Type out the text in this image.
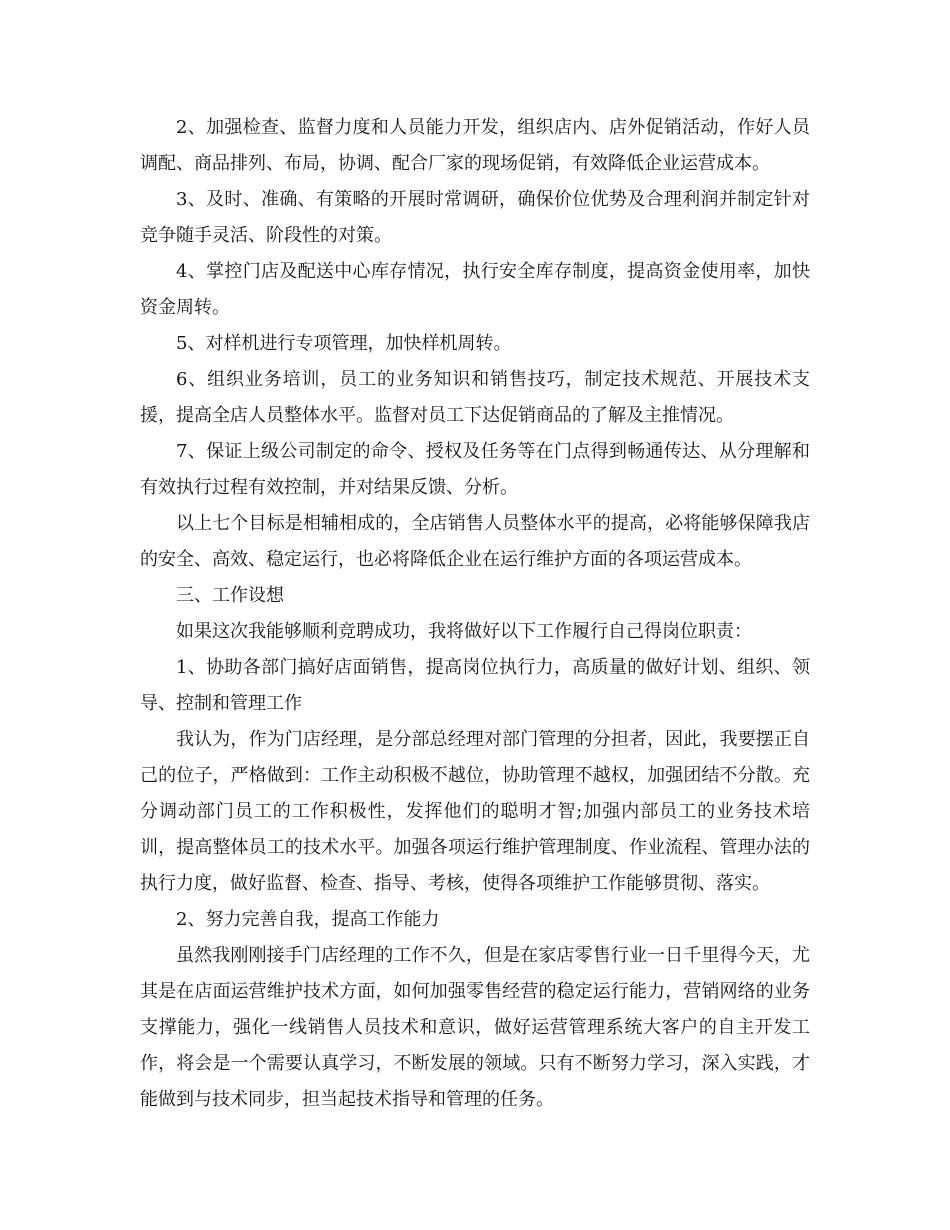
2、加强检查、监督力度和人员能力开发，组织店内、店外促销活动，作好人员调配、商品排列、布局，协调、配合厂家的现场促销，有效降低企业运营成本。

3、及时、准确、有策略的开展时常调研，确保价位优势及合理利润并制定针对竞争随手灵活、阶段性的对策。

4、掌控门店及配送中心库存情况，执行安全库存制度，提高资金使用率，加快资金周转。

5、对样机进行专项管理，加快样机周转。

6、组织业务培训，员工的业务知识和销售技巧，制定技术规范、开展技术支援，提高全店人员整体水平。监督对员工下达促销商品的了解及主推情况。

7、保证上级公司制定的命令、授权及任务等在门点得到畅通传达、从分理解和有效执行过程有效控制，并对结果反馈、分析。

以上七个目标是相辅相成的，全店销售人员整体水平的提高，必将能够保障我店的安全、高效、稳定运行，也必将降低企业在运行维护方面的各项运营成本。

三、工作设想

如果这次我能够顺利竞聘成功，我将做好以下工作履行自己得岗位职责：

1、协助各部门搞好店面销售，提高岗位执行力，高质量的做好计划、组织、领导、控制和管理工作

我认为，作为门店经理，是分部总经理对部门管理的分担者，因此，我要摆正自己的位子，严格做到：工作主动积极不越位，协助管理不越权，加强团结不分散。充分调动部门员工的工作积极性，发挥他们的聪明才智;加强内部员工的业务技术培训，提高整体员工的技术水平。加强各项运行维护管理制度、作业流程、管理办法的执行力度，做好监督、检查、指导、考核，使得各项维护工作能够贯彻、落实。

2、努力完善自我，提高工作能力

虽然我刚刚接手门店经理的工作不久，但是在家店零售行业一日千里得今天，尤其是在店面运营维护技术方面，如何加强零售经营的稳定运行能力，营销网络的业务支撑能力，强化一线销售人员技术和意识，做好运营管理系统大客户的自主开发工作，将会是一个需要认真学习，不断发展的领域。只有不断努力学习，深入实践，才能做到与技术同步，担当起技术指导和管理的任务。
